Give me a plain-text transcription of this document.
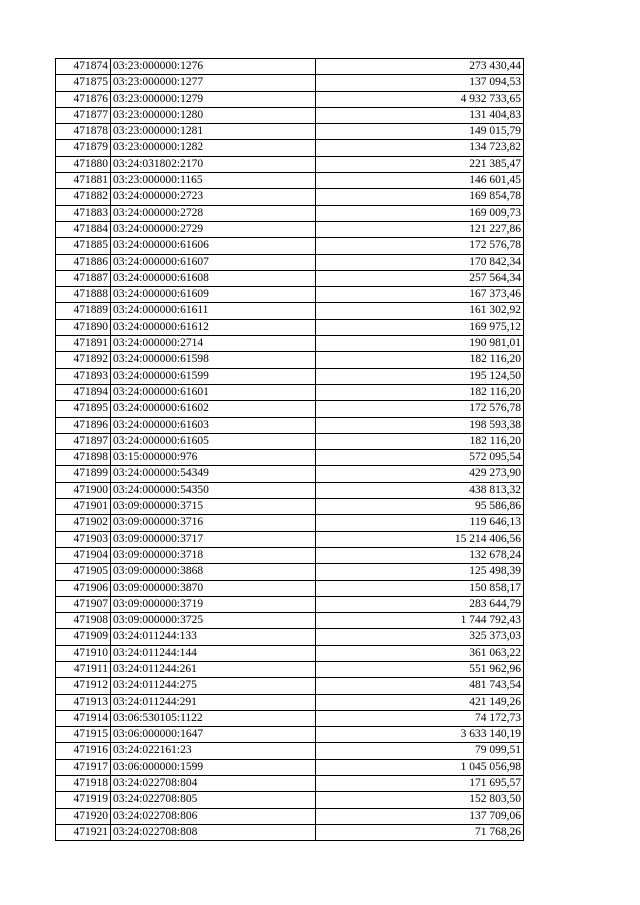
471874	03:23:000000:1276	273 430,44
471875	03:23:000000:1277	137 094,53
471876	03:23:000000:1279	4 932 733,65
471877	03:23:000000:1280	131 404,83
471878	03:23:000000:1281	149 015,79
471879	03:23:000000:1282	134 723,82
471880	03:24:031802:2170	221 385,47
471881	03:23:000000:1165	146 601,45
471882	03:24:000000:2723	169 854,78
471883	03:24:000000:2728	169 009,73
471884	03:24:000000:2729	121 227,86
471885	03:24:000000:61606	172 576,78
471886	03:24:000000:61607	170 842,34
471887	03:24:000000:61608	257 564,34
471888	03:24:000000:61609	167 373,46
471889	03:24:000000:61611	161 302,92
471890	03:24:000000:61612	169 975,12
471891	03:24:000000:2714	190 981,01
471892	03:24:000000:61598	182 116,20
471893	03:24:000000:61599	195 124,50
471894	03:24:000000:61601	182 116,20
471895	03:24:000000:61602	172 576,78
471896	03:24:000000:61603	198 593,38
471897	03:24:000000:61605	182 116,20
471898	03:15:000000:976	572 095,54
471899	03:24:000000:54349	429 273,90
471900	03:24:000000:54350	438 813,32
471901	03:09:000000:3715	95 586,86
471902	03:09:000000:3716	119 646,13
471903	03:09:000000:3717	15 214 406,56
471904	03:09:000000:3718	132 678,24
471905	03:09:000000:3868	125 498,39
471906	03:09:000000:3870	150 858,17
471907	03:09:000000:3719	283 644,79
471908	03:09:000000:3725	1 744 792,43
471909	03:24:011244:133	325 373,03
471910	03:24:011244:144	361 063,22
471911	03:24:011244:261	551 962,96
471912	03:24:011244:275	481 743,54
471913	03:24:011244:291	421 149,26
471914	03:06:530105:1122	74 172,73
471915	03:06:000000:1647	3 633 140,19
471916	03:24:022161:23	79 099,51
471917	03:06:000000:1599	1 045 056,98
471918	03:24:022708:804	171 695,57
471919	03:24:022708:805	152 803,50
471920	03:24:022708:806	137 709,06
471921	03:24:022708:808	71 768,26
